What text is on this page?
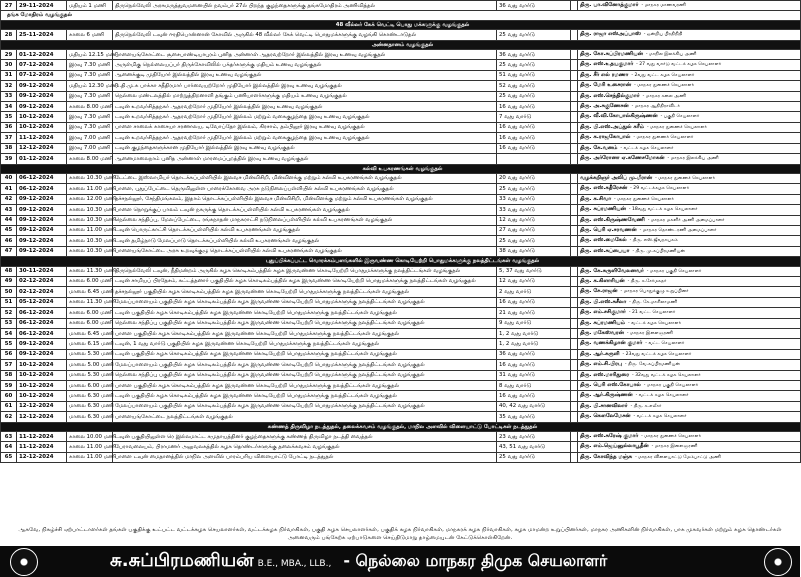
27	29-11-2024	மதியம் 1 மணி	திருநெல்வேலி அரசுமருத்துவமனையில் நவம்பர் 27ல் பிறந்த குழந்தைகளுக்கு தங்கமோதிரம் அணிவித்தல்	36 வது வார்டு		திரு. பா.வினோத்குமார் - மாநகர மாணவரணி
தங்க மோதிரம் வழங்குதல்						
48 வீல்லர் கேக் வெட்டி பொது மக்களுக்கு வழங்குதல்						
28	25-11-2024	காலை 6 மணி	திருநெல்வேலி டவுன் ஈரதிபொன்னான் கோவில் அருகில் 48 வீல்லர் கேக் வெட்டி பொதுமக்களுக்கு வழங்கி கொண்டாடுதல்	25 வது வார்டு		திரு. ராஜா எஸ்அப்பாஸ் - ஒன்றிய பிரதிநிதி
அன்னதானம் வழங்குதல்						
29	01-12-2024	மதியம் 12.15 மணி	பாளையங்கோட்டை சூசைபாண்டியாபுரம் புனித அன்னாள் ஆதரவற்றோர் இல்லத்தில் இரவு உணவு வழங்குதல்	36 வது வார்டு		திரு. கோ.சுப்பிரமணியன் - மாநில இலக்கிய அணி
30	07-12-2024	இரவு 7.30 மணி	அருள்மிகு நெல்லையப்பர் திருக்கோவிலில் பக்தர்களுக்கு மதியம் உணவு வழங்குதல்	25 வது வார்டு		திரு. எஸ்.உதயகுமார் - 27 வது வார்டு வட்டக் கழக செயலாளர்
31	07-12-2024	இரவு 7.30 மணி	ஆனைக்குடி முதியோர் இல்லத்தில் இரவு உணவு வழங்குதல்	51 வது வார்டு		திரு. சீர் எல் ரமணா - 2வது வட்ட கழக செயலாளர்
32	09-12-2024	மதியம் 12.30 மணி	ம.தி.மு.க பாக்கா சதீதிரமார் பார்வையற்றோர் முதியோர் இல்லத்தில் இரவு உணவு வழங்குதல்	52 வது வார்டு		திரு. மேரி உசைரான் - மாநகர துணைச் செயலாளர்
33	09-12-2024	இரவு 7.30 மணி	நெல்லை மண்டலத்தில் மாற்றுத்திறனாளி தங்கும் பணியாளர்களுக்கு மதியம் உணவு வழங்குதல்	25 வது வார்டு		திரு. எஸ்.செந்தில்குமார் - மாநகர கலை அணி
34	09-12-2024	காலை 8.00 மணி	டவுன் உறவர்சித்தநகர் ஆதரவற்றோர் முதியோர் இல்லத்தில் இரவு உணவு வழங்குதல்	16 வது வார்டு		திரு. அ.சுகுணேசன் - மாநகர ஆதிதிராவிடர்
35	10-12-2024	இரவு 7.30 மணி	டவுன் உறவர்சித்தநகர் ஆதரவற்றோர் முதியோர் இல்லம் மற்றும் வகைகுழந்தை இரவு உணவு வழங்குதல்	7 வது வார்டு		திரு. வீ.வி.கோபால்கிருஷ்ணன் - பகுதி செயலாளர்
36	10-12-2024	இரவு 7.30 மணி	பாளை சாலைக் காசையா சரணாலய, டிவோப்தோ இல்லம், கிரசாம், தம்பிலூர் இரவு உணவு வழங்குதல்	16 வது வார்டு		திரு. பி.எஸ்.அப்துல் கரீம் - மாநகர துணைச் செயலாளர்
37	11-12-2024	இரவு 7.00 மணி	டவுன் உறவர்சித்தநகர் ஆதரவற்றோர் முதியோர் இல்லம் மற்றும் வகைகுழந்தை இரவு உணவு வழங்குதல்	16 வது வார்டு		திரு. க.ராஜகோபால் - மாநகர துணைச் செயலாளர்
38	12-12-2024	இரவு 7.00 மணி	டவுன் குழந்தைகளுக்கான முதியோர் இல்லத்தில் இரவு உணவு வழங்குதல்	16 வது வார்டு		திரு. கே.வனம் - வட்டக் கழக செயலாளர்
39	01-12-2024	காலை 8.00 மணி	ஆனைமாலைநாம் புனித அன்னாள் மாரமைப்புறத்தில் இரவு உணவு வழங்குதல்			திரு. அர்ரோனா ஏ.கணேசமோகன் - மாநகர இலக்கிய அணி
கல்வி உபகரணங்கள் வழங்குதல்						
40	06-12-2024	காலை 10.30 மணி	டேட்டை இஸ்லாமியர் தொடக்கப்பள்ளியில் இலவச மின்விசிறி, மின்விளக்கு மற்றும் கல்வி உபகரணங்கள் வழங்குதல்	20 வது வார்டு		வழக்கறிஞர் அலிப் மு.மீரான் - மாநகர துணைச் செயலாளர்
41	06-12-2024	காலை 11.00 மணி	பாளை, புதுப்பேட்டை தெருவிலுள்ள பாரைக்கோவை அரசு நடுநிலைப்பள்ளியில் கல்வி உபகரணங்கள் வழங்குதல்	25 வது வார்டு		திரு. எஸ்.கதீரேசன் - 29 வட்டக்கழக செயலாளர்
42	09-12-2024	காலை 12.00 மணி	தச்சநல்லூர், சேந்திமங்கலம், இதாம் தொடக்கப்பள்ளியில் இலவச மின்விசிறி, மின்விளக்கு மற்றும் கல்வி உபகரணங்கள் வழங்குதல்	33 வது வார்டு		திரு. க.சிவா - மாநகர துணைச் செயலாளர்
43	09-12-2024	காலை 10.30 மணி	பாளை நொறுக்குப் பாலம் டவுன் நகருக்கு தொடக்கப்பள்ளியில் கல்வி உபகரணங்கள் வழங்குதல்	33 வது வார்டு		திரு. சுப்ரமணியன் - 18வது வட்டக் கழக செயலாளர்
44	09-12-2024	காலை 10.30 மணி	நெல்லை சந்திப்பு, மேலப்பேட்டை, ரங்கநாதன் மாநகராட்சி நடுநிலைப்பள்ளியில் கல்வி உபகரணங்கள் வழங்குதல்	12 வது வார்டு		திரு. எஸ்.கிருஷ்ணவேணி - மாநகர மகளிர் அணி அமைப்பாளர்
45	09-12-2024	காலை 11.00 மணி	டவுன் பொருட்காட்சி தொடக்கப்பள்ளியில் கல்வி உபகரணங்கள் வழங்குதல்	27 வது வார்டு		திரு. பெரி ஏ.சரவணன் - மாநகர தொண்டரணி அமைப்பாளர்
46	09-12-2024	காலை 10.30 மணி	டவுன் தமிழ்நாடு மேலப்பாடு தொடக்கப்பள்ளியில் கல்வி உபகரணங்கள் வழங்குதல்	25 வது வார்டு		திரு. எஸ்.மைகேல் - திரு. எஸ்.ஜீவநாயகம்
47	09-12-2024	காலை 10.30 மணி	பாளையங்கோட்டை அரசு உறவுக்குழு தொடக்கப்பள்ளியில் கல்வி உபகரணங்கள் வழங்குதல்	38 வது வார்டு		திரு. எஸ்.சுப்பையா - திரு. மு.சுப்பிரமணியன்
புதுப்பிக்கப்பட்ட வொரக்கம்பளங்களில் இருவண்ண கொடியேற்றி பொதுமக்களுக்கு நலத்திட்டங்கள் வழங்குதல்						
48	30-11-2024	காலை 11.30 மணி	திருநெல்வேலி டவுன், நீதிமன்றம் அருகில் கழக கொடிகம்பத்தில் கழக இருவண்ண கொடியேற்றி பொதுமக்களுக்கு நலத்திட்டங்கள் வழங்குதல்	5, 37 வது வார்டு		திரு. கே.சுருளிவேலனவர் - மாநகர பகுதி செயலாளர்
49	02-12-2024	காலை 6.00 மணி	டவுன் சாமியப் பிரதேசம், கட்டத்தனார் பகுதியில் கழக கொடிகம்பத்தில் கழக இருவண்ண கொடியேற்றி பொதுமக்களுக்கு நலத்திட்டங்கள் வழங்குதல்	12 வது வார்டு		திரு. க.கிளாரியன் - திரு. க.சேர்மசுதர்
50	02-12-2024	மாலை 6.45 மணி	தச்சநல்லூர் பகுதியில் கழக கொடிகம்பத்தில் கழக இருவண்ண கொடியேற்றி பொதுமக்களுக்கு நலத்திட்டங்கள் வழங்குதல்	2 வது வார்டு		திரு. சே.ராஜன் - மாநகர பொதுக்குழு உறுப்பினர்
51	05-12-2024	காலை 11.30 மணி	மேலப்பாளையம் பகுதியில் கழக கொடிகம்பத்தில் கழக இருவண்ண கொடியேற்றி பொதுமக்களுக்கு நலத்திட்டங்கள் வழங்குதல்	16 வது வார்டு		திரு. பி.எஸ்.சுசீலா - திரு. கே.மாசிலாமணி
52	06-12-2024	காலை 6.00 மணி	டவுன் பகுதியில் கழக கொடிகம்பத்தில் கழக இருவண்ண கொடியேற்றி பொதுமக்களுக்கு நலத்திட்டங்கள் வழங்குதல்	21 வது வார்டு		திரு. எம்.சசிகுமார் - 21 வட்ட செயலாளர்
53	06-12-2024	காலை 6.00 மணி	நெல்லை சந்திப்பு பகுதியில் கழக கொடிகம்பத்தில் கழக இருவண்ண கொடியேற்றி பொதுமக்களுக்கு நலத்திட்டங்கள் வழங்குதல்	9 வது வார்டு		திரு. சுப்ரமணியம் - வட்டக் கழக செயலாளர்
54	06-12-2024	மாலை 6.45 மணி	பாளை பகுதியில் கழக கொடிகம்பத்தில் கழக இருவண்ண கொடியேற்றி பொதுமக்களுக்கு நலத்திட்டங்கள் வழங்குதல்	1, 2 வது வார்டு		திரு. மகேஸ்வரன் - மாநகர இளைஞரணி
55	09-12-2024	மாலை 6.15 மணி	டவுன், 1 வது வார்டு பகுதியில் கழக இருவண்ண கொடியேற்றி பொதுமக்களுக்கு நலத்திட்டங்கள் வழங்குதல்	1, 2 வது வார்டு		திரு. வணக்கிழான் குமார் - வட்ட செயலாளர்
56	09-12-2024	மாலை 5.30 மணி	டவுன் பகுதியில் கழக கொடிகம்பத்தில் கழக இருவண்ண கொடியேற்றி பொதுமக்களுக்கு நலத்திட்டங்கள் வழங்குதல்	36 வது வார்டு		திரு. ஆர்.சுருளி - 23வது வட்டக் கழக செயலாளர்
57	10-12-2024	மாலை 5.00 மணி	மேலப்பாளையம் பகுதியில் கழக கொடிகம்பத்தில் கழக இருவண்ண கொடியேற்றி பொதுமக்களுக்கு நலத்திட்டங்கள் வழங்குதல்	16 வது வார்டு		திரு. எம்.சி.பிரபு - திரு. வே.சுப்பிரமணியன்
58	10-12-2024	மாலை 5.30 மணி	நெல்லை சந்திப்பு பகுதியில் கழக கொடிகம்பத்தில் கழக இருவண்ண கொடியேற்றி பொதுமக்களுக்கு நலத்திட்டங்கள் வழங்குதல்	31 வது வார்டு		திரு. எஸ்.மாரிதுரை - 32வது வட்டக் கழக செயலாளர்
59	10-12-2024	மாலை 6.00 மணி	பாளை பகுதியில் கழக கொடிகம்பத்தில் கழக இருவண்ண கொடியேற்றி பொதுமக்களுக்கு நலத்திட்டங்கள் வழங்குதல்	8 வது வார்டு		திரு. பெரி எஸ்.கோபால் - மாநகர பகுதி செயலாளர்
60	10-12-2024	மாலை 6.30 மணி	டவுன் பகுதியில் கழக கொடிகம்பத்தில் கழக இருவண்ண கொடியேற்றி பொதுமக்களுக்கு நலத்திட்டங்கள் வழங்குதல்	16 வது வார்டு		திரு. ஆர்.கிருஷ்ணன் - வட்டக் கழக செயலாளர்
61	12-12-2024	மாலை 6.30 மணி	மேலப்பாளையம் பகுதியில் கழக கொடிகம்பத்தில் கழக இருவண்ண கொடியேற்றி பொதுமக்களுக்கு நலத்திட்டங்கள் வழங்குதல்	40, 42 வது வார்டு		திரு. பி.சானவிலார் - திரு. சு.எலீசர்
62	12-12-2024	மாலை 6.30 மணி	பாளையங்கோட்டை நலத்திட்டங்கள் வழங்குதல்	35 வது வார்டு		திரு. கௌலேமேசன் - வட்டக் கழக செயலாளர்
கண்ணத் திருவிழா நடத்துதல், தலைக்கவசம் வழங்குதல், மாநில அளவில் விளையாட்டு போட்டிகள் நடத்துதல்						
63	11-12-2024	காலை 10.00 மணி	டவுன் பகுதியிலுள்ள ரெ இல்லமாட்ட சமுதாயத்தினர் குழந்தைகளுக்கு கண்ணத் திருவிழா நடத்தி வைத்தல்	23 வது வார்டு		திரு. எஸ்.சுரேஷ் குமார் - மாநகர துணைச் செயலாளர்
64	11-12-2024	காலை 11.00 மணி	பேராவலையம், பிராமணர் அலுவலகத்தில் கழக தொண்டர்களுக்கு தலைக்கவசம் வழங்குதல்	43, 51 வது வார்டு		திரு. எம்.ஜெய்னுல்லாபூதீன் - மாநகர இளைஞரணி
65	12-12-2024	காலை 11.00 மணி	பாளை டவுன் மைதானத்தில் மாநில அளவில் பாரம்பரிய விளையாட்டு போட்டி நடத்துதல்	25 வது வார்டு		திரு. கோவிந்த மஞ்சு - மாநகர விளையாட்டு மேம்பாட்டு அணி
ஆகவே, நிகழ்ச்சி ஏற்பாட்டாளர்கள் தங்கள் பகுதிக்கு உட்பட்ட வட்டக்கழக செயலாளர்கள், வட்டக்கழக நிர்வாகிகள், பகுதி கழக செயலாளர்கள், பகுதிக் கழக நிர்வாகிகள், மாநகரக் கழக நிர்வாகிகள், கழக மாமன்ற உறுப்பினர்கள், மாநகர அணிகளின் நிர்வாகிகள், பாக முகவர்கள் மற்றும் கழக தொண்டர்கள் அனைவரும் பங்கேற்க ஏற்பாடுகளை செய்திடுமாறு தாழ்மையுடன் கேட்டுக்கொள்கிறேன்.
சு.சுப்பிரமணியன் B.E., MBA., LLB., - நெல்லை மாநகர திமுக செயலாளர்
